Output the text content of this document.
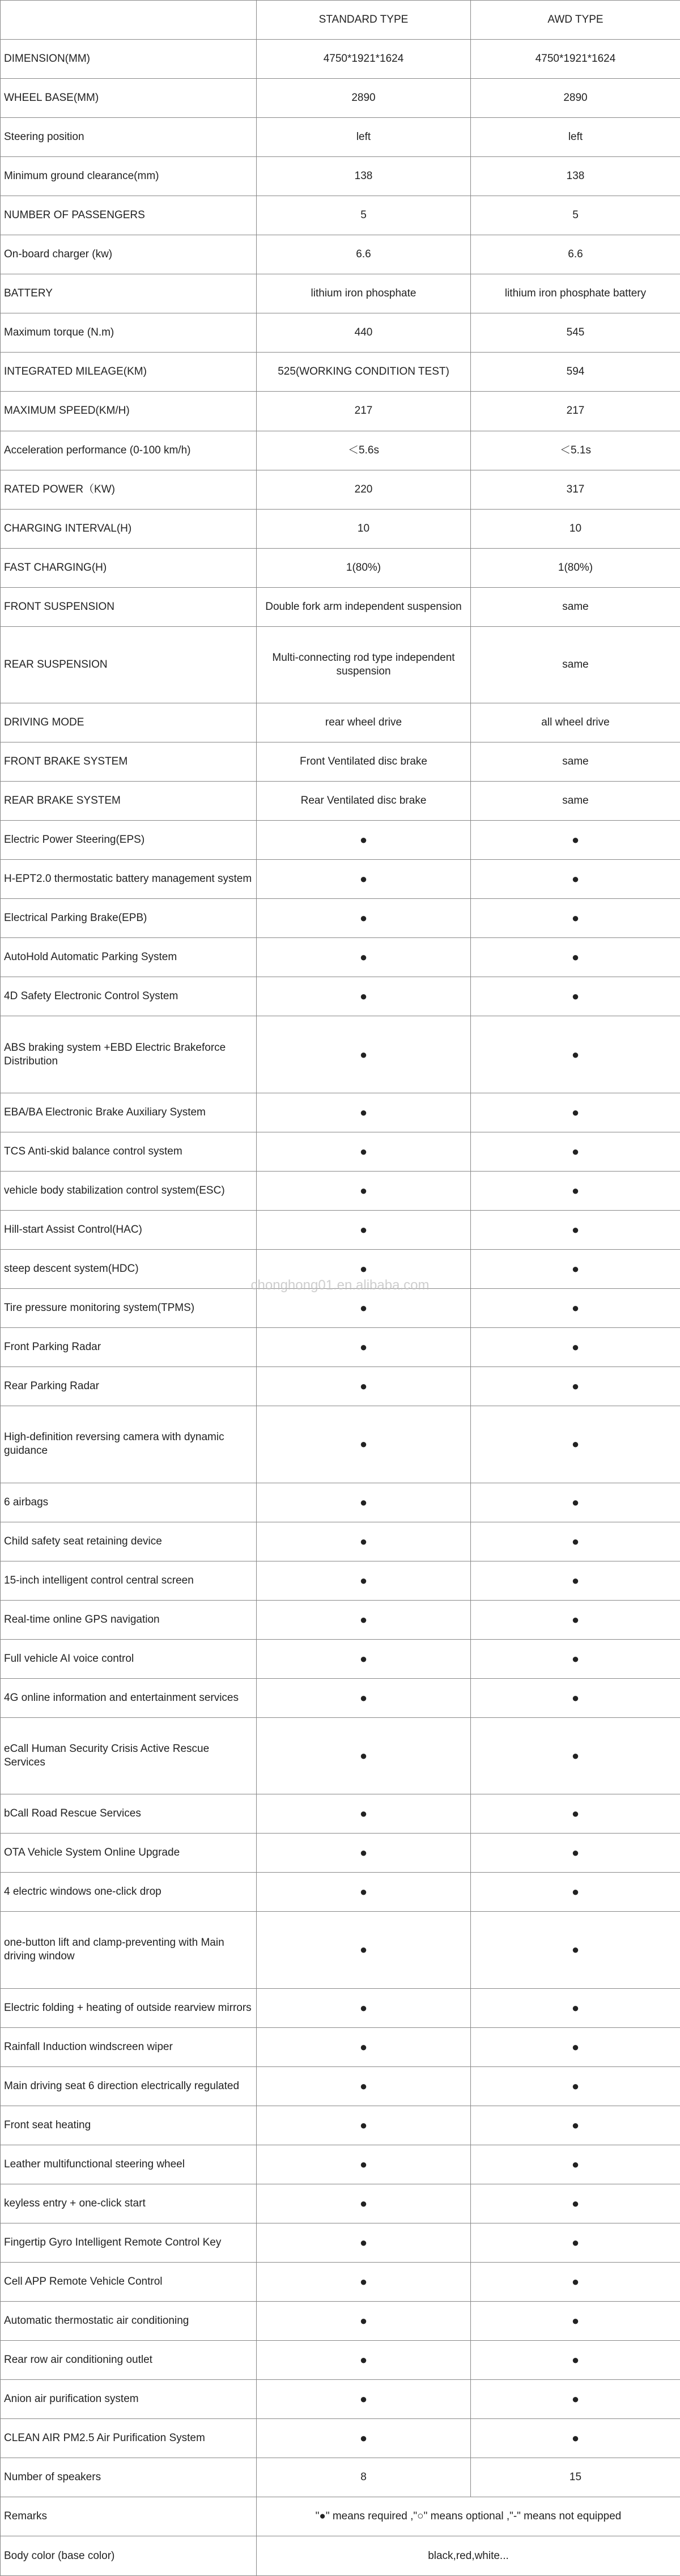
	STANDARD TYPE	AWD TYPE
DIMENSION(MM)	4750*1921*1624	4750*1921*1624
WHEEL BASE(MM)	2890	2890
Steering position	left	left
Minimum ground clearance(mm)	138	138
NUMBER OF PASSENGERS	5	5
On-board charger (kw)	6.6	6.6
BATTERY	lithium iron phosphate	lithium iron phosphate battery
Maximum torque (N.m)	440	545
INTEGRATED MILEAGE(KM)	525(WORKING CONDITION TEST)	594
MAXIMUM SPEED(KM/H)	217	217
Acceleration performance (0-100 km/h)	＜5.6s	＜5.1s
RATED POWER（KW)	220	317
CHARGING INTERVAL(H)	10	10
FAST CHARGING(H)	1(80%)	1(80%)
FRONT SUSPENSION	Double fork arm independent suspension	same
REAR SUSPENSION	Multi-connecting rod type independent suspension	same
DRIVING MODE	rear wheel drive	all wheel drive
FRONT BRAKE SYSTEM	Front Ventilated disc brake	same
REAR BRAKE SYSTEM	Rear Ventilated disc brake	same
Electric Power Steering(EPS)	●	●
H-EPT2.0 thermostatic battery management system	●	●
Electrical Parking Brake(EPB)	●	●
AutoHold Automatic Parking System	●	●
4D Safety Electronic Control System	●	●
ABS braking system +EBD Electric Brakeforce Distribution	●	●
EBA/BA Electronic Brake Auxiliary System	●	●
TCS Anti-skid balance control system	●	●
vehicle body stabilization control system(ESC)	●	●
Hill-start Assist Control(HAC)	●	●
steep descent system(HDC)	●	●
Tire pressure monitoring system(TPMS)	●	●
Front Parking Radar	●	●
Rear Parking Radar	●	●
High-definition reversing camera with dynamic guidance	●	●
6 airbags	●	●
Child safety seat retaining device	●	●
15-inch intelligent control central screen	●	●
Real-time online GPS navigation	●	●
Full vehicle AI voice control	●	●
4G online information and entertainment services	●	●
eCall Human Security Crisis Active Rescue Services	●	●
bCall Road Rescue Services	●	●
OTA Vehicle System Online Upgrade	●	●
4 electric windows one-click drop	●	●
one-button lift and clamp-preventing with Main driving window	●	●
Electric folding + heating of outside rearview mirrors	●	●
Rainfall Induction windscreen wiper	●	●
Main driving seat 6 direction electrically regulated	●	●
Front seat heating	●	●
Leather multifunctional steering wheel	●	●
keyless entry + one-click start	●	●
Fingertip Gyro Intelligent Remote Control Key	●	●
Cell APP Remote Vehicle Control	●	●
Automatic thermostatic air conditioning	●	●
Rear row air conditioning outlet	●	●
Anion air purification system	●	●
CLEAN AIR PM2.5 Air Purification System	●	●
Number of speakers	8	15
Remarks	"●" means required ,"○" means optional ,"-" means not equipped	
Body color (base color)	black,red,white...	
chonghong01.en.alibaba.com
